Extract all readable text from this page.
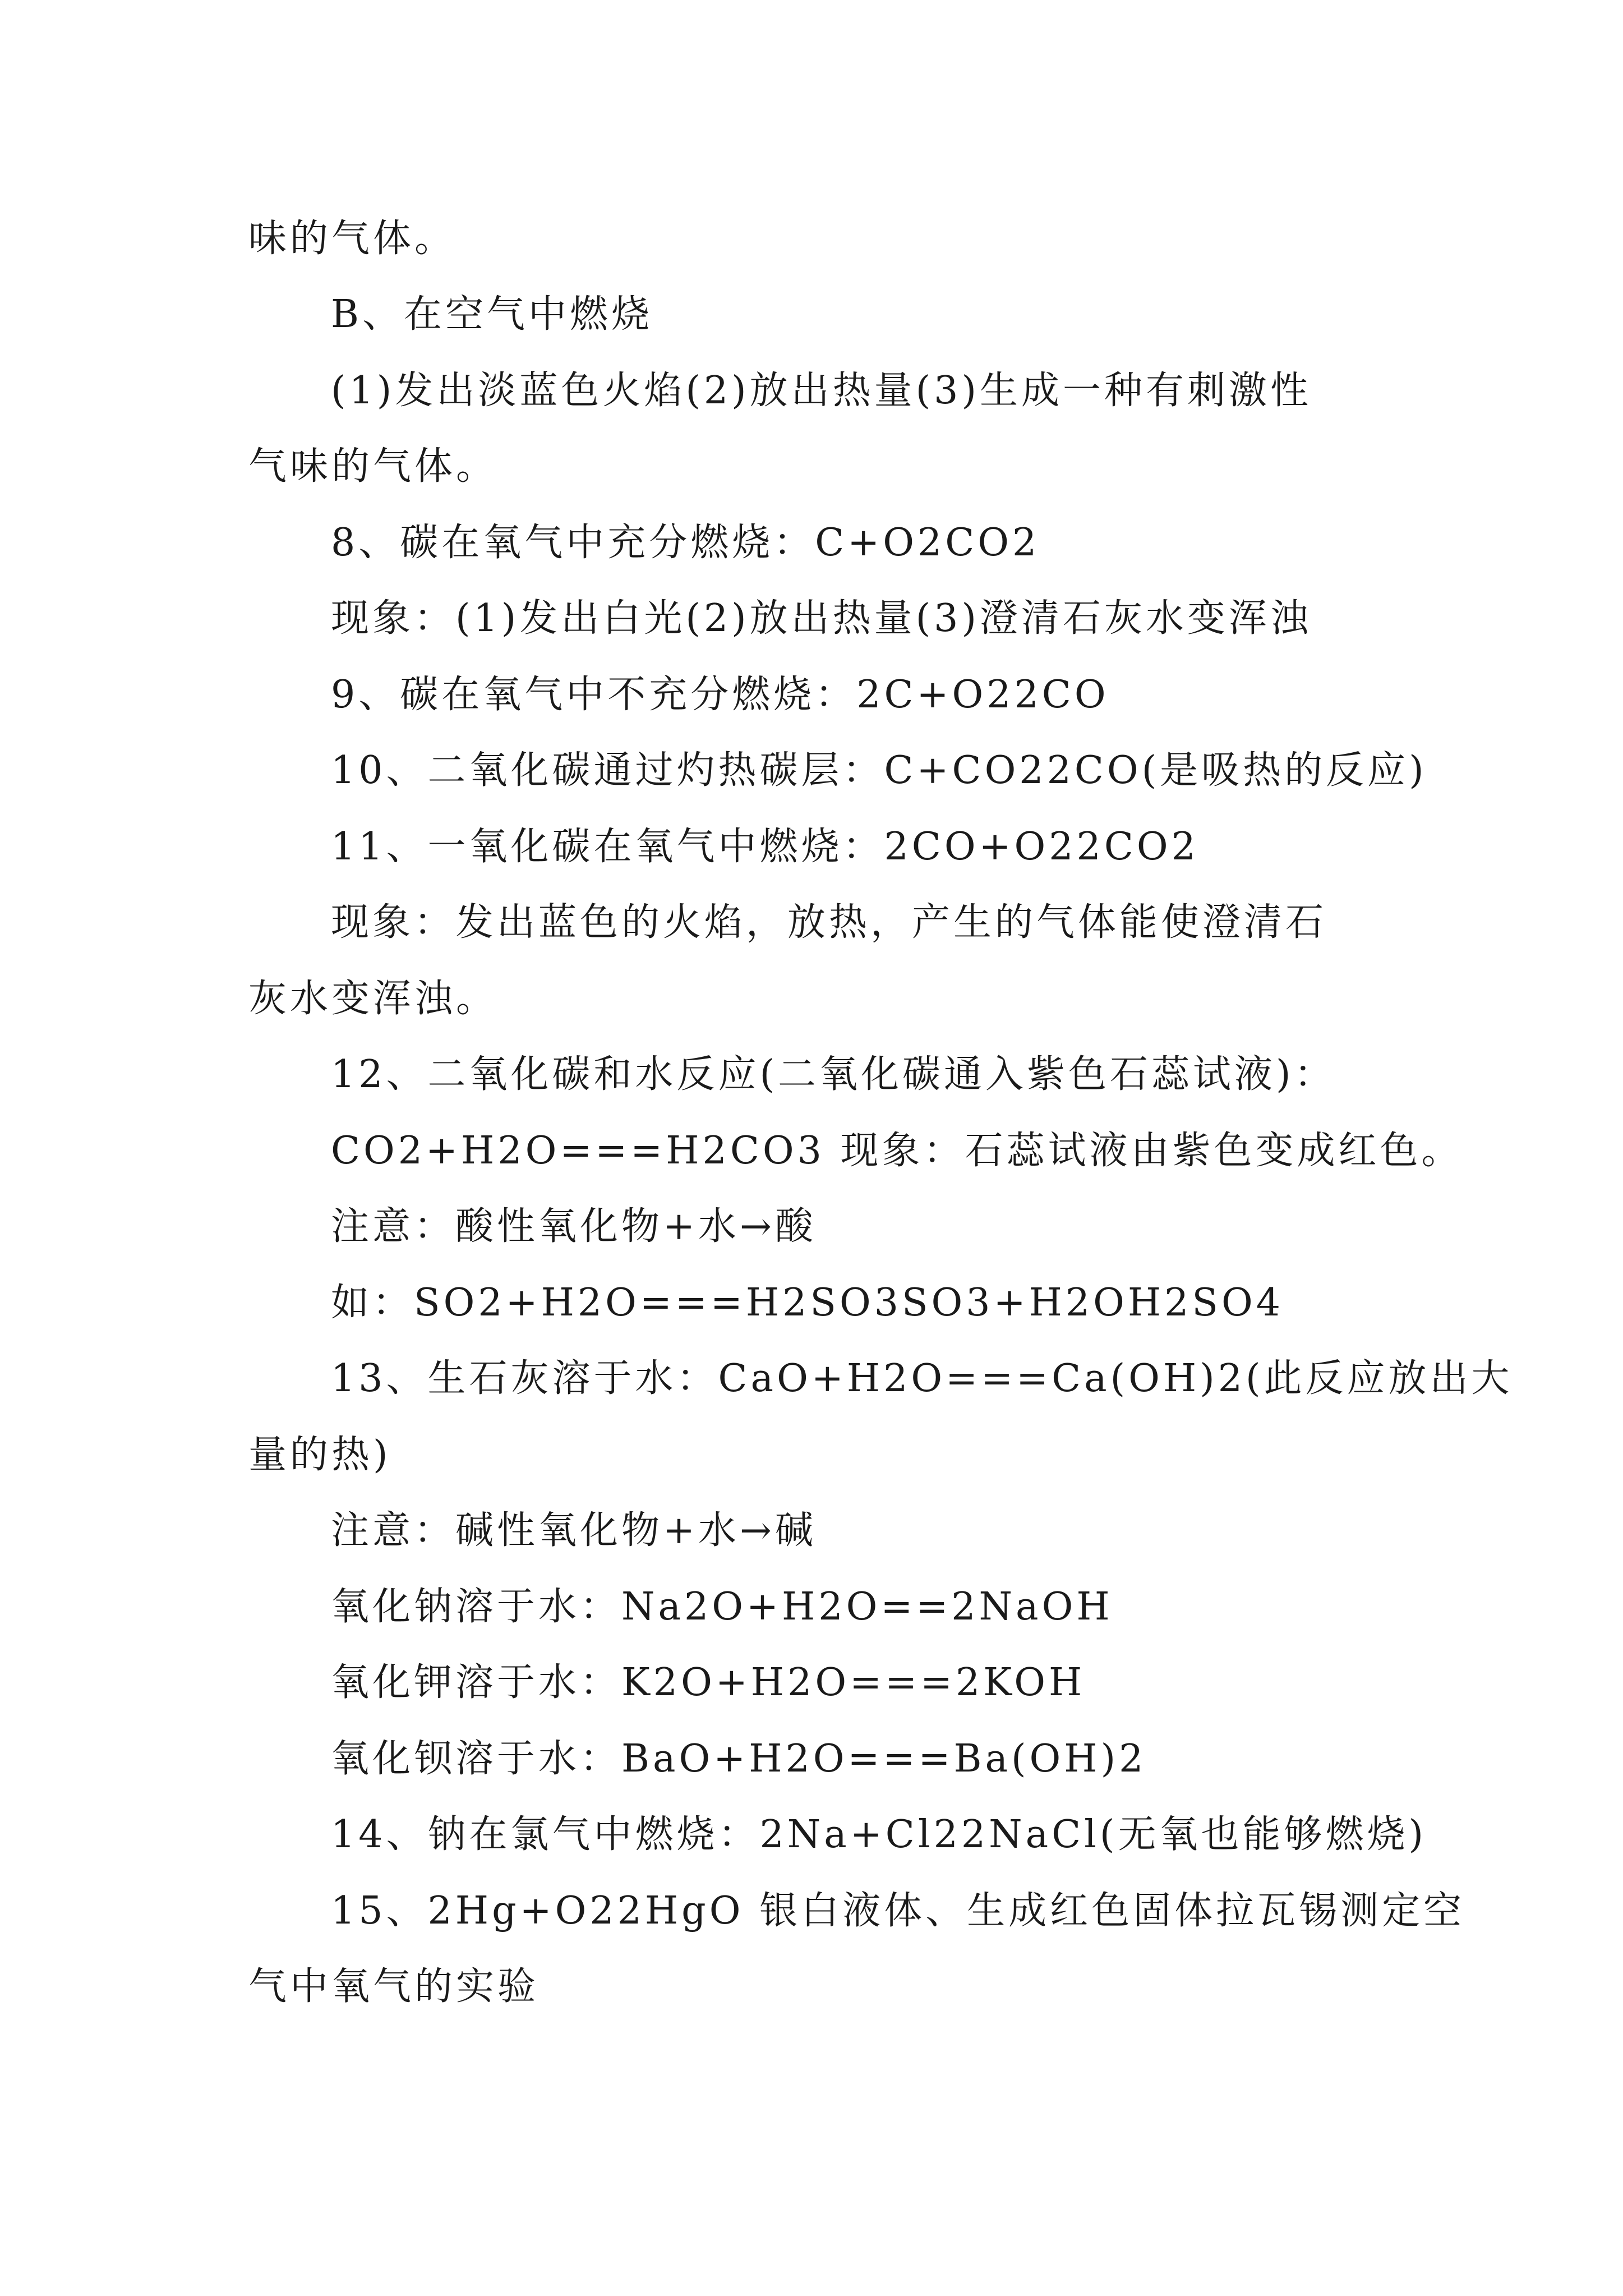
味的气体。
B、在空气中燃烧
(1)发出淡蓝色火焰(2)放出热量(3)生成一种有刺激性
气味的气体。
8、碳在氧气中充分燃烧：C+O2CO2
现象：(1)发出白光(2)放出热量(3)澄清石灰水变浑浊
9、碳在氧气中不充分燃烧：2C+O22CO
10、二氧化碳通过灼热碳层：C+CO22CO(是吸热的反应)
11、一氧化碳在氧气中燃烧：2CO+O22CO2
现象：发出蓝色的火焰，放热，产生的气体能使澄清石
灰水变浑浊。
12、二氧化碳和水反应(二氧化碳通入紫色石蕊试液)：
CO2+H2O===H2CO3 现象：石蕊试液由紫色变成红色。
注意：酸性氧化物+水→酸
如：SO2+H2O===H2SO3SO3+H2OH2SO4
13、生石灰溶于水：CaO+H2O===Ca(OH)2(此反应放出大
量的热)
注意：碱性氧化物+水→碱
氧化钠溶于水：Na2O+H2O==2NaOH
氧化钾溶于水：K2O+H2O===2KOH
氧化钡溶于水：BaO+H2O===Ba(OH)2
14、钠在氯气中燃烧：2Na+Cl22NaCl(无氧也能够燃烧)
15、2Hg+O22HgO 银白液体、生成红色固体拉瓦锡测定空
气中氧气的实验
